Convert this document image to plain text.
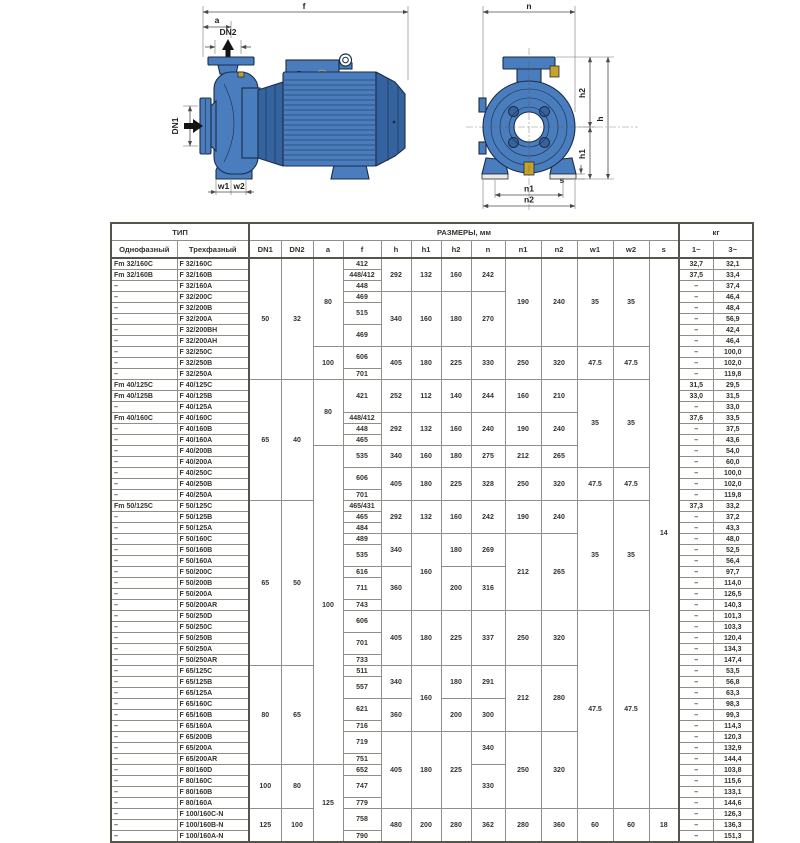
f
a
DN2
DN1
w1 w2
n
h2
h1
h
s
n1
n2
ТИП		РАЗМЕРЫ, мм													кг	
Однофазный	Трехфазный	DN1	DN2	a	f	h	h1	h2	n	n1	n2	w1	w2	s	1~	3~
Fm 32/160C	F 32/160C	50	32	80	412	292	132	160	242	190	240	35	35	14	32,7	32,1
Fm 32/160B	F 32/160B				448/412										37,5	33,4
–	F 32/160A				448										–	37,4
–	F 32/200C				469	340	160	180	270						–	46,4
–	F 32/200B				515										–	48,4
–	F 32/200A														–	56,9
–	F 32/200BH				469										–	42,4
–	F 32/200AH														–	46,4
–	F 32/250C			100	606	405	180	225	330	250	320	47.5	47.5		–	100,0
–	F 32/250B														–	102,0
–	F 32/250A				701										–	119,8
Fm 40/125C	F 40/125C	65	40	80	421	252	112	140	244	160	210	35	35		31,5	29,5
Fm 40/125B	F 40/125B														33,0	31,5
–	F 40/125A														–	33,0
Fm 40/160C	F 40/160C				448/412	292	132	160	240	190	240				37,6	33,5
–	F 40/160B				448										–	37,5
–	F 40/160A				465										–	43,6
–	F 40/200B			100	535	340	160	180	275	212	265				–	54,0
–	F 40/200A														–	60,0
–	F 40/250C				606	405	180	225	328	250	320	47.5	47.5		–	100,0
–	F 40/250B														–	102,0
–	F 40/250A				701										–	119,8
Fm 50/125C	F 50/125C	65	50		465/431	292	132	160	242	190	240	35	35		37,3	33,2
–	F 50/125B				465										–	37,2
–	F 50/125A				484										–	43,3
–	F 50/160C				489	340	160	180	269	212	265				–	48,0
–	F 50/160B				535										–	52,5
–	F 50/160A														–	56,4
–	F 50/200C				616	360		200	316						–	97,7
–	F 50/200B				711										–	114,0
–	F 50/200A														–	126,5
–	F 50/200AR				743										–	140,3
–	F 50/250D				606	405	180	225	337	250	320	47.5	47.5		–	101,3
–	F 50/250C														–	103,3
–	F 50/250B				701										–	120,4
–	F 50/250A														–	134,3
–	F 50/250AR				733										–	147,4
–	F 65/125C	80	65		511	340	160	180	291	212	280				–	53,5
–	F 65/125B				557										–	56,8
–	F 65/125A														–	63,3
–	F 65/160C				621	360		200	300						–	98,3
–	F 65/160B														–	99,3
–	F 65/160A				716										–	114,3
–	F 65/200B				719	405	180	225	340	250	320				–	120,3
–	F 65/200A														–	132,9
–	F 65/200AR				751										–	144,4
–	F 80/160D	100	80	125	652				330						–	103,8
–	F 80/160C				747										–	115,6
–	F 80/160B														–	133,1
–	F 80/160A				779										–	144,6
–	F 100/160C-N	125	100		758	480	200	280	362	280	360	60	60	18	–	126,3
–	F 100/160B-N														–	136,3
–	F 100/160A-N				790										–	151,3
